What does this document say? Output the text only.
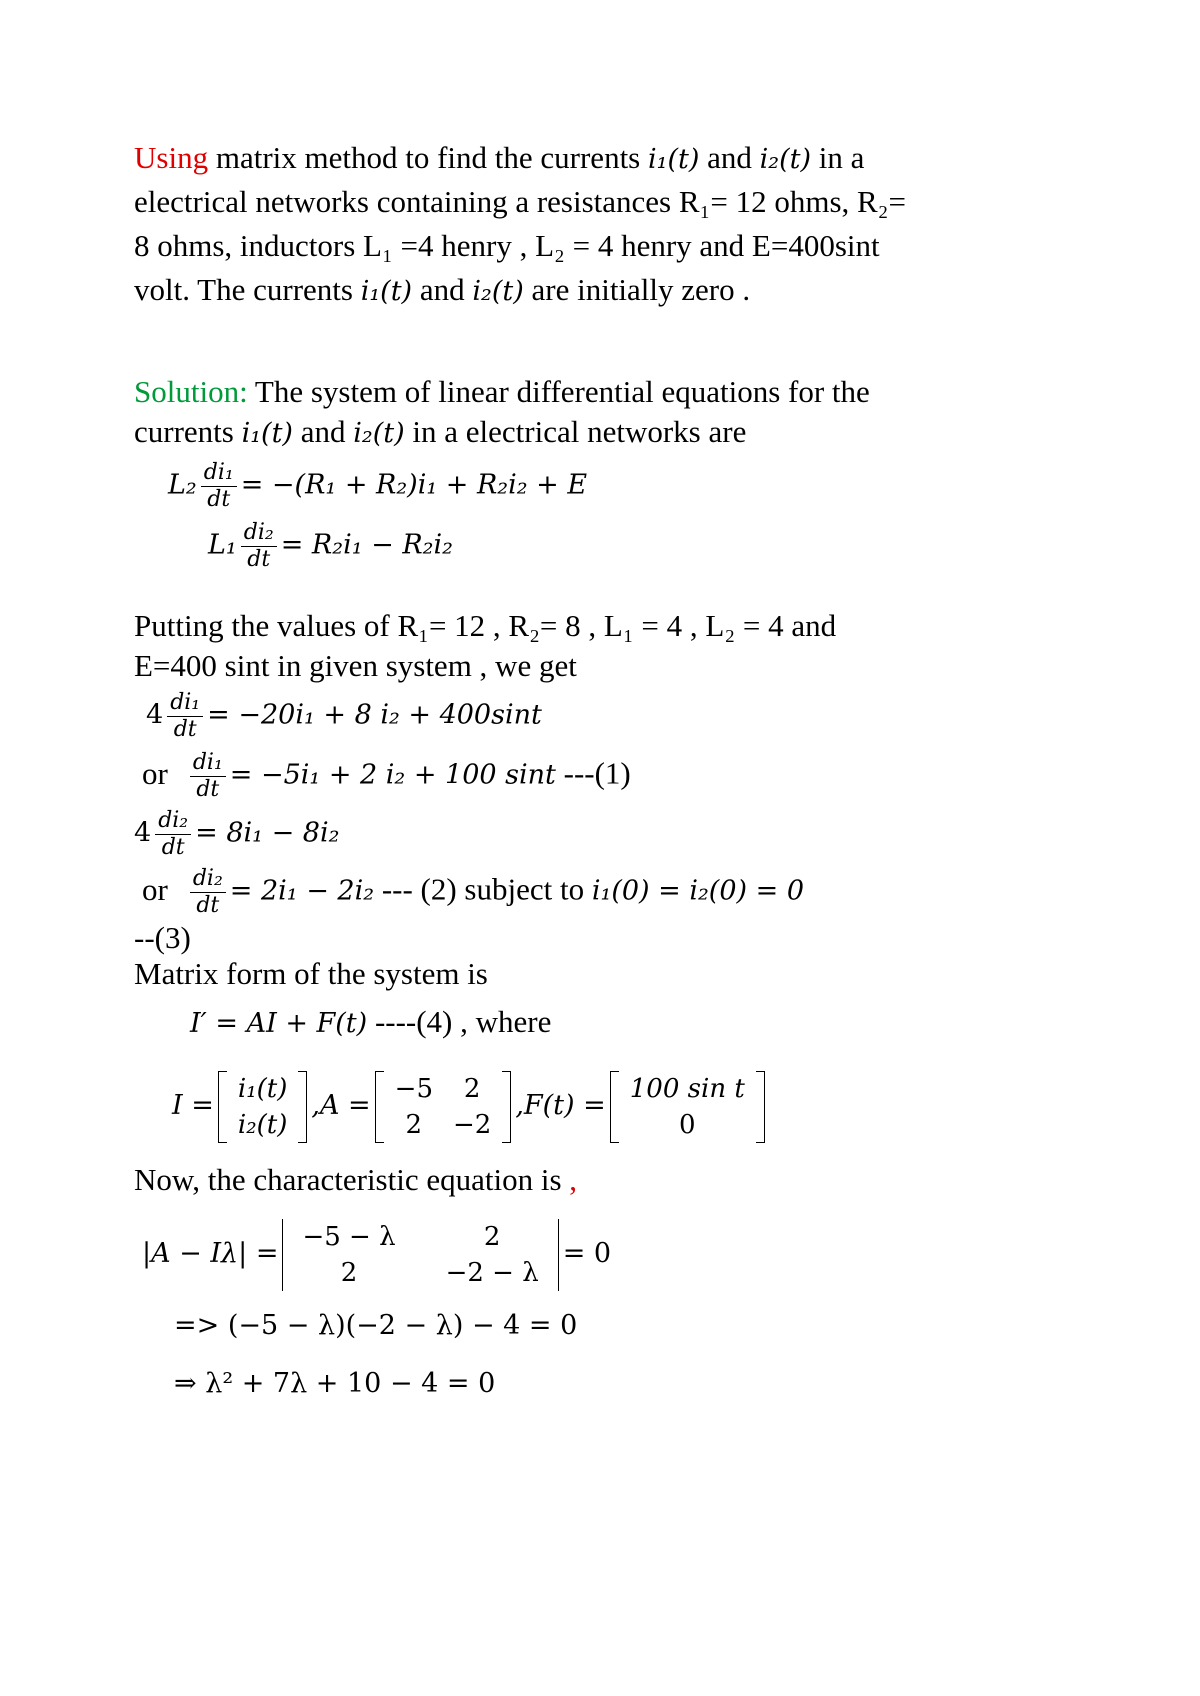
Using matrix method to find the currents i₁(t) and i₂(t) in a
electrical networks containing a resistances R₁= 12 ohms, R₂=
8 ohms, inductors L₁ =4 henry , L₂ = 4 henry and E=400sint
volt. The currents i₁(t) and i₂(t) are initially zero .
Solution: The system of linear differential equations for the
currents i₁(t) and i₂(t) in a electrical networks are
$L_2 \frac{\text{di₁}}{dt} = -(R_1 + R_2)i_1 + R_2i_2 + E$
$L_1 \frac{\text{di₂}}{dt} = R_2i_1 - R_2i_2$
Putting the values of R₁= 12 , R₂= 8 , L₁ = 4 , L₂ = 4 and
E=400 sint in given system , we get
$4 \frac{\text{di₁}}{dt} = -20i_1 + 8$ i₂ + 400sint
or $\frac{\text{di₁}}{dt} = -5i_1 + 2$ i₂ + 100 sint ---(1)
$4 \frac{\text{di₂}}{dt} = 8i_1 - 8i_2$
or $\frac{\text{di₂}}{dt} = 2i_1 - 2i_2$ --- (2) subject to i₁(0) = i₂(0) = 0
--(3)
Matrix form of the system is
I′ = AI + F(t) ----(4) , where
I =
i₁(t)
i₂(t)
,A =
−5	2
2	−2
,F(t) =
100 sin t
0
Now, the characteristic equation is ,
|A − Iλ| =
−5 − λ	2
2	−2 − λ
= 0
=> (−5 − λ)(−2 − λ) − 4 = 0
⇒ λ² + 7λ + 10 − 4 = 0
